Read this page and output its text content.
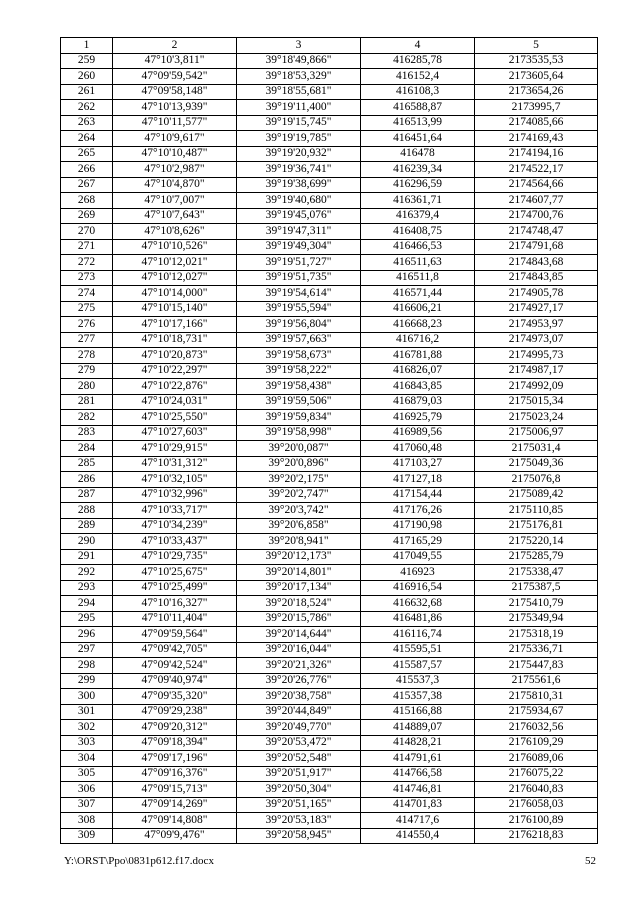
1	2	3	4	5
259	47°10'3,811"	39°18'49,866"	416285,78	2173535,53
260	47°09'59,542"	39°18'53,329"	416152,4	2173605,64
261	47°09'58,148"	39°18'55,681"	416108,3	2173654,26
262	47°10'13,939"	39°19'11,400"	416588,87	2173995,7
263	47°10'11,577"	39°19'15,745"	416513,99	2174085,66
264	47°10'9,617"	39°19'19,785"	416451,64	2174169,43
265	47°10'10,487"	39°19'20,932"	416478	2174194,16
266	47°10'2,987"	39°19'36,741"	416239,34	2174522,17
267	47°10'4,870"	39°19'38,699"	416296,59	2174564,66
268	47°10'7,007"	39°19'40,680"	416361,71	2174607,77
269	47°10'7,643"	39°19'45,076"	416379,4	2174700,76
270	47°10'8,626"	39°19'47,311"	416408,75	2174748,47
271	47°10'10,526"	39°19'49,304"	416466,53	2174791,68
272	47°10'12,021"	39°19'51,727"	416511,63	2174843,68
273	47°10'12,027"	39°19'51,735"	416511,8	2174843,85
274	47°10'14,000"	39°19'54,614"	416571,44	2174905,78
275	47°10'15,140"	39°19'55,594"	416606,21	2174927,17
276	47°10'17,166"	39°19'56,804"	416668,23	2174953,97
277	47°10'18,731"	39°19'57,663"	416716,2	2174973,07
278	47°10'20,873"	39°19'58,673"	416781,88	2174995,73
279	47°10'22,297"	39°19'58,222"	416826,07	2174987,17
280	47°10'22,876"	39°19'58,438"	416843,85	2174992,09
281	47°10'24,031"	39°19'59,506"	416879,03	2175015,34
282	47°10'25,550"	39°19'59,834"	416925,79	2175023,24
283	47°10'27,603"	39°19'58,998"	416989,56	2175006,97
284	47°10'29,915"	39°20'0,087"	417060,48	2175031,4
285	47°10'31,312"	39°20'0,896"	417103,27	2175049,36
286	47°10'32,105"	39°20'2,175"	417127,18	2175076,8
287	47°10'32,996"	39°20'2,747"	417154,44	2175089,42
288	47°10'33,717"	39°20'3,742"	417176,26	2175110,85
289	47°10'34,239"	39°20'6,858"	417190,98	2175176,81
290	47°10'33,437"	39°20'8,941"	417165,29	2175220,14
291	47°10'29,735"	39°20'12,173"	417049,55	2175285,79
292	47°10'25,675"	39°20'14,801"	416923	2175338,47
293	47°10'25,499"	39°20'17,134"	416916,54	2175387,5
294	47°10'16,327"	39°20'18,524"	416632,68	2175410,79
295	47°10'11,404"	39°20'15,786"	416481,86	2175349,94
296	47°09'59,564"	39°20'14,644"	416116,74	2175318,19
297	47°09'42,705"	39°20'16,044"	415595,51	2175336,71
298	47°09'42,524"	39°20'21,326"	415587,57	2175447,83
299	47°09'40,974"	39°20'26,776"	415537,3	2175561,6
300	47°09'35,320"	39°20'38,758"	415357,38	2175810,31
301	47°09'29,238"	39°20'44,849"	415166,88	2175934,67
302	47°09'20,312"	39°20'49,770"	414889,07	2176032,56
303	47°09'18,394"	39°20'53,472"	414828,21	2176109,29
304	47°09'17,196"	39°20'52,548"	414791,61	2176089,06
305	47°09'16,376"	39°20'51,917"	414766,58	2176075,22
306	47°09'15,713"	39°20'50,304"	414746,81	2176040,83
307	47°09'14,269"	39°20'51,165"	414701,83	2176058,03
308	47°09'14,808"	39°20'53,183"	414717,6	2176100,89
309	47°09'9,476"	39°20'58,945"	414550,4	2176218,83
Y:\ORST\Ppo\0831p612.f17.docx	52
